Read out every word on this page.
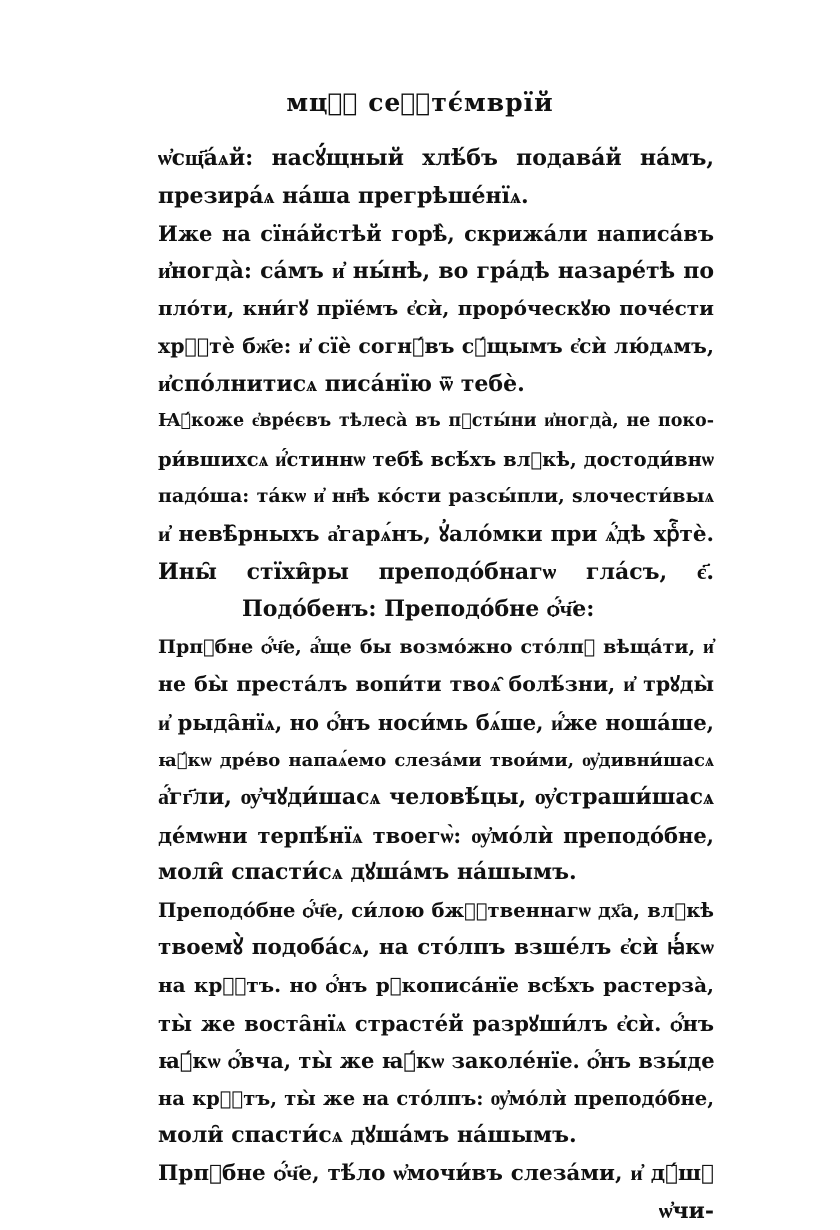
мцⷭ҇ сеⷫ҇тє́мврїй
ѡ҆сщ҃а́ѧй: насꙋ́щный хлѣ́бъ подава́й на́мъ,
презира́ѧ на́ша прегрѣше́нїѧ.
Иже на сїна́йстѣй горѣ̀, скрижа́ли написа́въ
и҆ногда̀: са́мъ и҆ ны́нѣ, во гра́дѣ назаре́тѣ по
пло́ти, кни́гꙋ прїе́мъ є҆сѝ, проро́ческꙋю поче́сти
хрⷭ҇тѐ бж҃е: и҆ сїѐ согнꙋ́въ сꙋ́щымъ є҆сѝ лю́дѧмъ,
и҆спо́лнитисѧ писа́нїю ѿ тебѐ.
Ꙗ҆́коже є҆вре́євъ тѣлеса̀ въ пꙋсты́ни и҆ногда̀, не поко-
ри́вшихсѧ и҆́стиннѡ тебѣ̀ всѣ́хъ влⷣкѣ, достоди́внѡ
падо́ша: та́кѡ и҆ нн҃ѣ ко́сти разсы́пли, ѕлочести́выѧ
и҆ невѣ̑рныхъ а҆гарѧ́нъ, ꙋ҆ало́мки при ѧ҆́дѣ хрⷭ҇тѐ.
Ины̑ стїхи̑ры преподо́бнагѡ гла́съ, є҃.
Подо́бенъ: Преподо́бне ѻ҆́ч҃е:
Прпⷣбне ѻ҆́ч҃е, а҆́ще бы возмо́жно сто́лпꙋ вѣща́ти, и҆
не бы̀ преста́лъ вопи́ти твоѧ̑ болѣ́зни, и҆ трꙋды̀
и҆ рыда̑нїѧ, но ѻ҆́нъ носи́мь бѧ́ше, и҆́же ноша́ше,
ꙗ҆́кѡ дре́во напаѧ́емо слеза́ми твои́ми, ѹ҆дивни́шасѧ
а҆́гг҃ли, ѹ҆чꙋди́шасѧ человѣ́цы, ѹ҆страши́шасѧ
де́мѡни терпѣ́нїѧ твоегѡ̀: ѹ҆мо́лѝ преподо́бне,
моли̑ спасти́сѧ дꙋша́мъ на́шымъ.
Преподо́бне ѻ҆́ч҃е, си́лою бжⷭ҇твеннагѡ дх҃а, влⷣкѣ
твоемꙋ̀ подоба́сѧ, на сто́лпъ взше́лъ є҆сѝ ꙗ҆́кѡ
на крⷭ҇тъ. но ѻ҆́нъ рꙋкописа́нїе всѣ́хъ растерза̀,
ты̀ же воста̑нїѧ страсте́й разрꙋши́лъ є҆сѝ. ѻ҆́нъ
ꙗ҆́кѡ ѻ҆́вча, ты̀ же ꙗ҆́кѡ заколе́нїе. ѻ҆́нъ взы́де
на крⷭ҇тъ, ты̀ же на сто́лпъ: ѹ҆мо́лѝ преподо́бне,
моли̑ спасти́сѧ дꙋша́мъ на́шымъ.
Прпⷣбне ѻ҆́ч҃е, тѣ́ло ѡ҆мочи́въ слеза́ми, и҆ дꙋ́шꙋ
ѡ҆чи-
